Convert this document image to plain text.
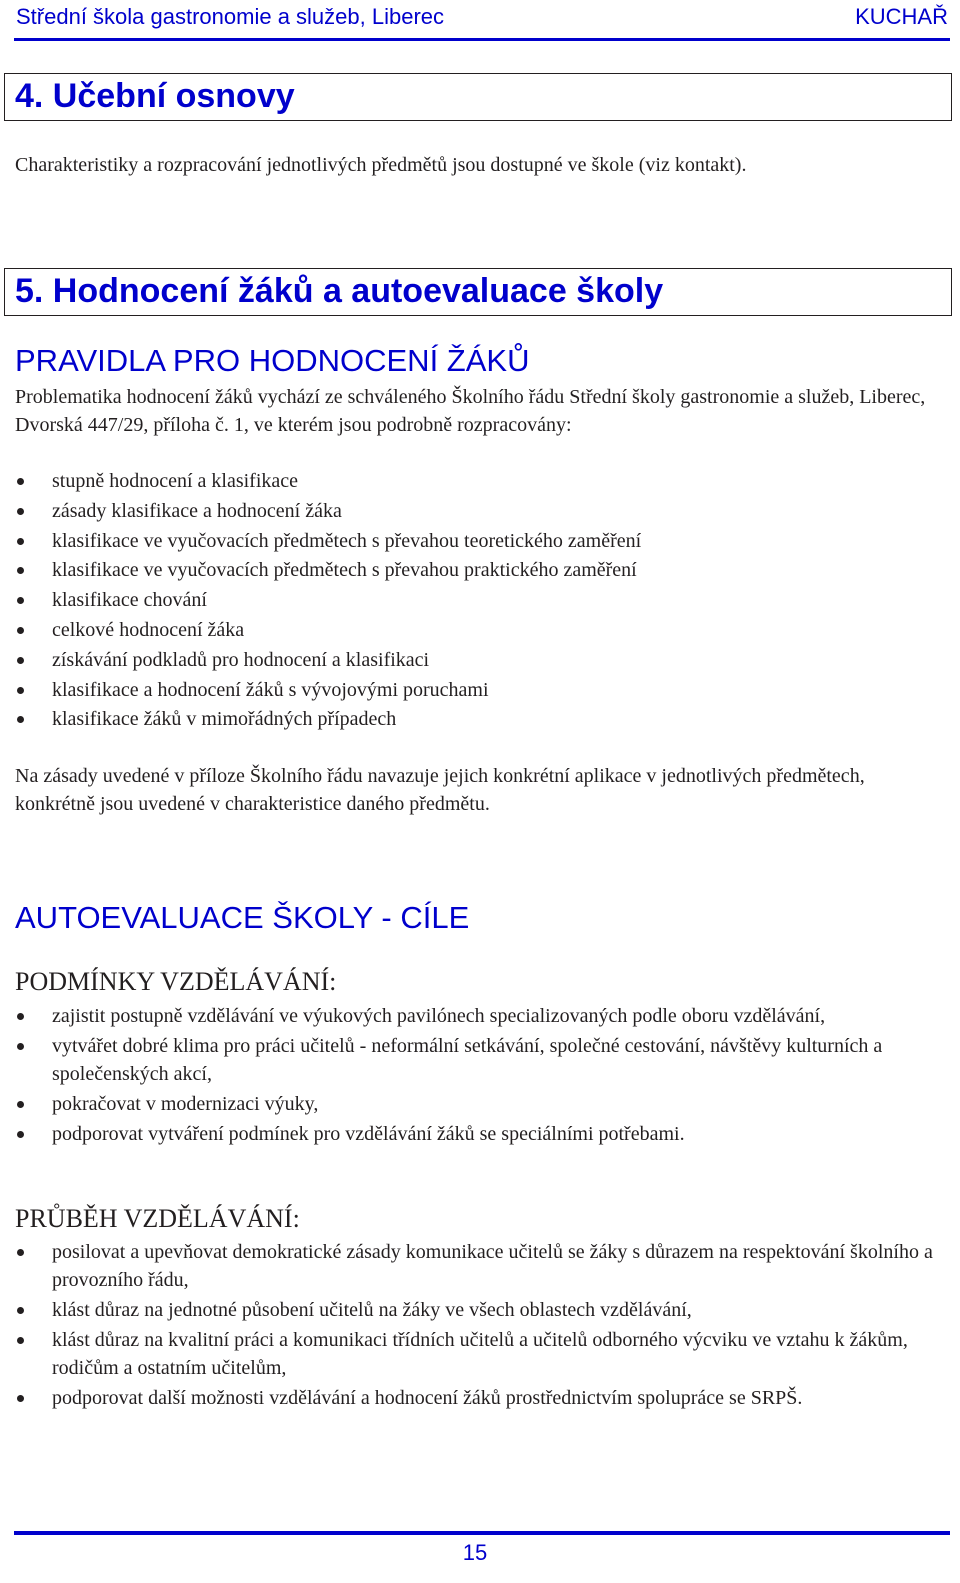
Střední škola gastronomie a služeb, Liberec	KUCHAŘ
4. Učební osnovy
Charakteristiky a rozpracování jednotlivých předmětů jsou dostupné ve škole (viz kontakt).
5. Hodnocení žáků a autoevaluace školy
PRAVIDLA PRO HODNOCENÍ ŽÁKŮ
Problematika hodnocení žáků vychází ze schváleného Školního řádu Střední školy gastronomie a služeb, Liberec, Dvorská 447/29, příloha č. 1, ve kterém jsou podrobně rozpracovány:
stupně hodnocení a klasifikace
zásady klasifikace a hodnocení žáka
klasifikace ve vyučovacích předmětech s převahou teoretického zaměření
klasifikace ve vyučovacích předmětech s převahou praktického zaměření
klasifikace chování
celkové hodnocení žáka
získávání podkladů pro hodnocení a klasifikaci
klasifikace a hodnocení žáků s vývojovými poruchami
klasifikace žáků v mimořádných případech
Na zásady uvedené v příloze Školního řádu navazuje jejich konkrétní aplikace v jednotlivých předmětech, konkrétně jsou uvedené v charakteristice daného předmětu.
AUTOEVALUACE ŠKOLY - CÍLE
PODMÍNKY VZDĚLÁVÁNÍ:
zajistit postupně vzdělávání ve výukových pavilónech specializovaných podle oboru vzdělávání,
vytvářet dobré klima pro práci učitelů - neformální setkávání, společné cestování, návštěvy kulturních a společenských akcí,
pokračovat v modernizaci výuky,
podporovat vytváření podmínek pro vzdělávání žáků se speciálními potřebami.
PRŮBĚH VZDĚLÁVÁNÍ:
posilovat a upevňovat demokratické zásady komunikace učitelů se žáky s důrazem na respektování školního a provozního řádu,
klást důraz na jednotné působení učitelů na žáky ve všech oblastech vzdělávání,
klást důraz na kvalitní práci a komunikaci třídních učitelů a učitelů odborného výcviku ve vztahu k žákům, rodičům a ostatním učitelům,
podporovat další možnosti vzdělávání a hodnocení žáků prostřednictvím spolupráce se SRPŠ.
15
